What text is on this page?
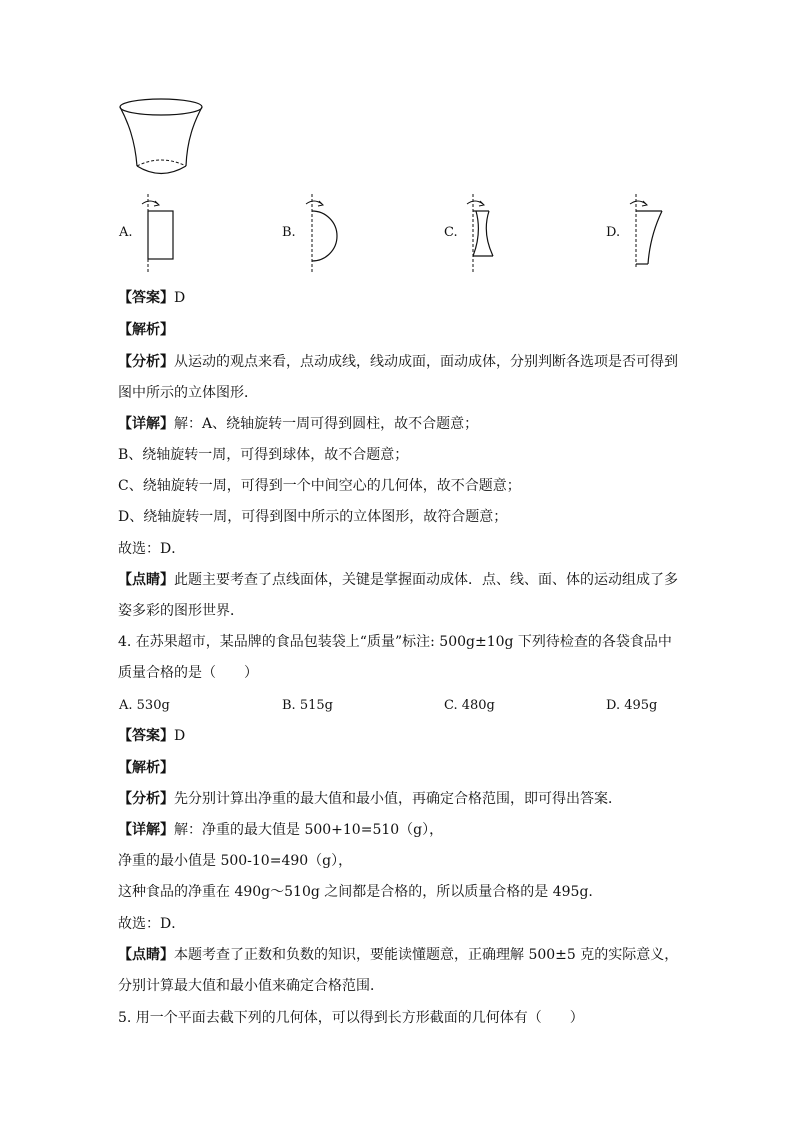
A.	B.	C.	D.
【答案】D
【解析】
【分析】从运动的观点来看，点动成线，线动成面，面动成体，分别判断各选项是否可得到
图中所示的立体图形．
【详解】解：A、绕轴旋转一周可得到圆柱，故不合题意；
B、绕轴旋转一周，可得到球体，故不合题意；
C、绕轴旋转一周，可得到一个中间空心的几何体，故不合题意；
D、绕轴旋转一周，可得到图中所示的立体图形，故符合题意；
故选：D．
【点睛】此题主要考查了点线面体，关键是掌握面动成体．点、线、面、体的运动组成了多
姿多彩的图形世界．
4. 在苏果超市，某品牌的食品包装袋上“质量”标注: 500g±10g 下列待检查的各袋食品中
质量合格的是（　　）
A. 530g	B. 515g	C. 480g	D. 495g
【答案】D
【解析】
【分析】先分别计算出净重的最大值和最小值，再确定合格范围，即可得出答案．
【详解】解：净重的最大值是 500+10=510（g），
净重的最小值是 500-10=490（g），
这种食品的净重在 490g～510g 之间都是合格的，所以质量合格的是 495g.
故选：D．
【点睛】本题考查了正数和负数的知识，要能读懂题意，正确理解 500±5 克的实际意义，
分别计算最大值和最小值来确定合格范围．
5. 用一个平面去截下列的几何体，可以得到长方形截面的几何体有（　　）
